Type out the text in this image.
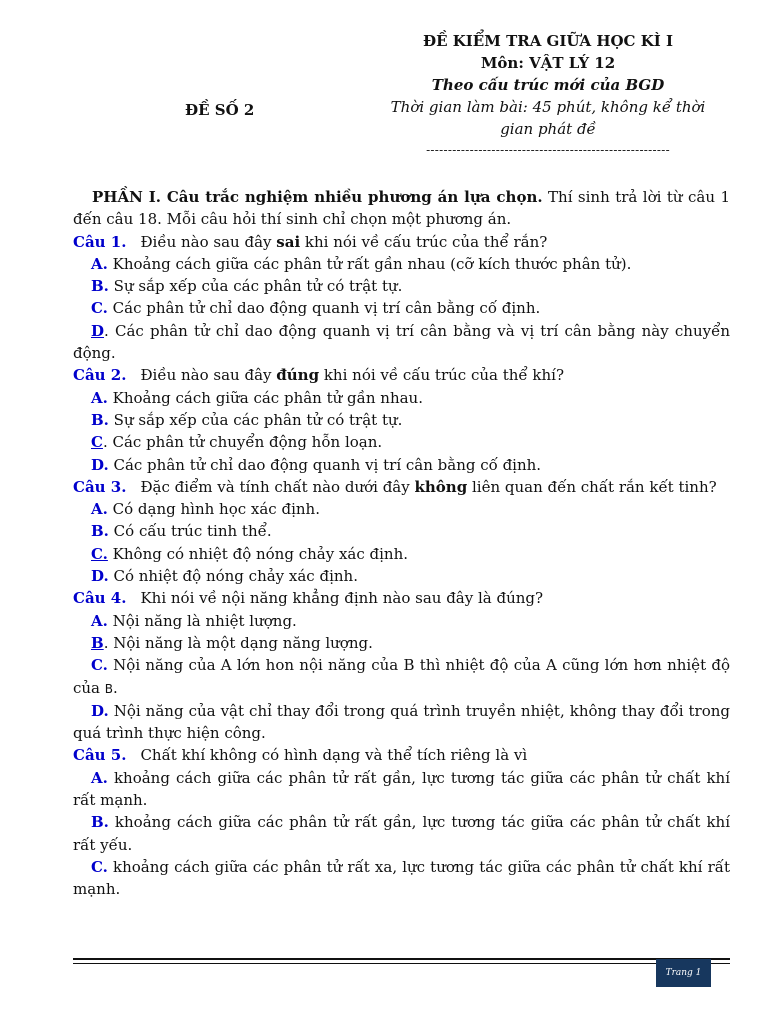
ĐỀ SỐ 2
ĐỀ KIỂM TRA GIỮA HỌC KÌ I
Môn: VẬT LÝ 12
Theo cấu trúc mới của BGD
Thời gian làm bài: 45 phút, không kể thời gian phát đề
--------------------------------------------------------

PHẦN I. Câu trắc nghiệm nhiều phương án lựa chọn. Thí sinh trả lời từ câu 1 đến câu 18. Mỗi câu hỏi thí sinh chỉ chọn một phương án.

Câu 1. Điều nào sau đây sai khi nói về cấu trúc của thể rắn?

A. Khoảng cách giữa các phân tử rất gần nhau (cỡ kích thước phân tử).

B. Sự sắp xếp của các phân tử có trật tự.

C. Các phân tử chỉ dao động quanh vị trí cân bằng cố định.

D. Các phân tử chỉ dao động quanh vị trí cân bằng và vị trí cân bằng này chuyển động.

Câu 2. Điều nào sau đây đúng khi nói về cấu trúc của thể khí?

A. Khoảng cách giữa các phân tử gần nhau.

B. Sự sắp xếp của các phân tử có trật tự.

C. Các phân tử chuyển động hỗn loạn.

D. Các phân tử chỉ dao động quanh vị trí cân bằng cố định.

Câu 3. Đặc điểm và tính chất nào dưới đây không liên quan đến chất rắn kết tinh?

A. Có dạng hình học xác định.

B. Có cấu trúc tinh thể.

C. Không có nhiệt độ nóng chảy xác định.

D. Có nhiệt độ nóng chảy xác định.

Câu 4. Khi nói về nội năng khẳng định nào sau đây là đúng?

A. Nội năng là nhiệt lượng.

B. Nội năng là một dạng năng lượng.

C. Nội năng của A lớn hon nội năng của B thì nhiệt độ của A cũng lớn hơn nhiệt độ của B.

D. Nội năng của vật chỉ thay đổi trong quá trình truyền nhiệt, không thay đổi trong quá trình thực hiện công.

Câu 5. Chất khí không có hình dạng và thể tích riêng là vì

A. khoảng cách giữa các phân tử rất gần, lực tương tác giữa các phân tử chất khí rất mạnh.

B. khoảng cách giữa các phân tử rất gần, lực tương tác giữa các phân tử chất khí rất yếu.

C. khoảng cách giữa các phân tử rất xa, lực tương tác giữa các phân tử chất khí rất mạnh.

Trang 1
